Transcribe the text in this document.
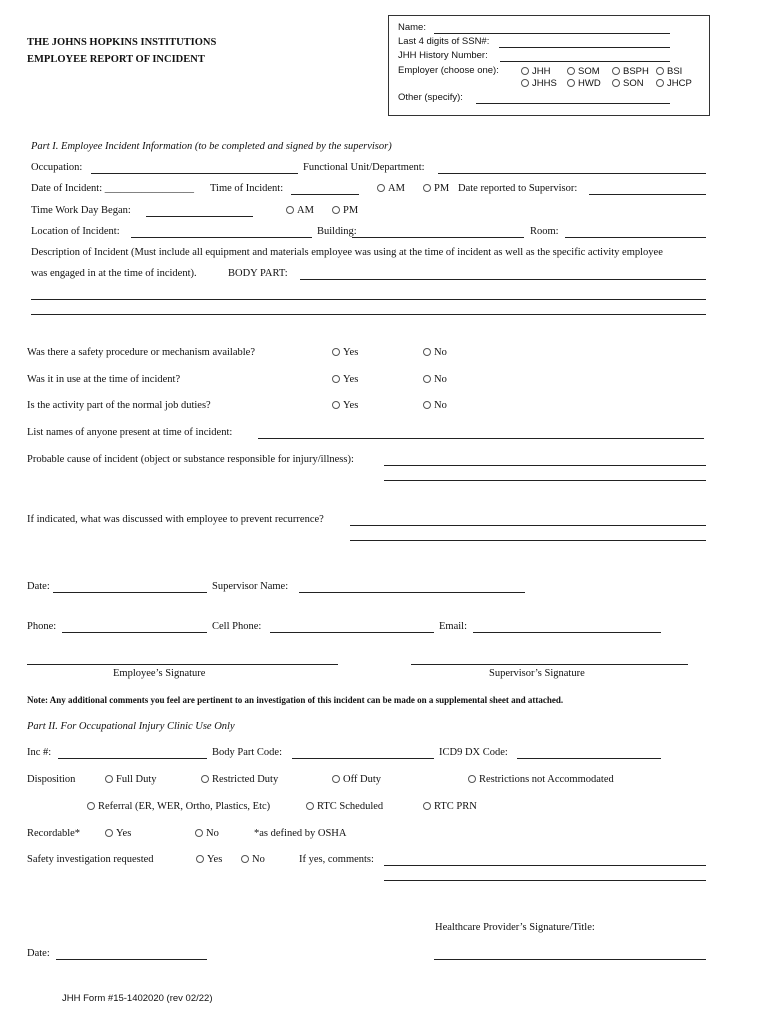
THE JOHNS HOPKINS INSTITUTIONS
EMPLOYEE REPORT OF INCIDENT
Name:
Last 4 digits of SSN#:
JHH History Number:
Employer (choose one):	JHH	SOM	BSPH	BSI
JHHS	HWD	SON	JHCP
Other (specify):
Part I. Employee Incident Information (to be completed and signed by the supervisor)
Occupation:	Functional Unit/Department:
Date of Incident: _________________ Time of Incident:	AM	PM Date reported to Supervisor:
Time Work Day Began:	AM	PM
Location of Incident:	Building:	Room:
Description of Incident (Must include all equipment and materials employee was using at the time of incident as well as the specific activity employee
was engaged in at the time of incident).	BODY PART:
Was there a safety procedure or mechanism available?	Yes	No
Was it in use at the time of incident?	Yes	No
Is the activity part of the normal job duties?	Yes	No
List names of anyone present at time of incident:
Probable cause of incident (object or substance responsible for injury/illness):
If indicated, what was discussed with employee to prevent recurrence?
Date:	Supervisor Name:
Phone:	Cell Phone:	Email:
Employee’s Signature	Supervisor’s Signature
Note: Any additional comments you feel are pertinent to an investigation of this incident can be made on a supplemental sheet and attached.
Part II. For Occupational Injury Clinic Use Only
Inc #:	Body Part Code:	ICD9 DX Code:
Disposition	Full Duty	Restricted Duty	Off Duty	Restrictions not Accommodated
Referral (ER, WER, Ortho, Plastics, Etc)	RTC Scheduled	RTC PRN
Recordable*	Yes	No	*as defined by OSHA
Safety investigation requested	Yes	No	If yes, comments:
Healthcare Provider’s Signature/Title:
Date:
JHH Form #15-1402020 (rev 02/22)
